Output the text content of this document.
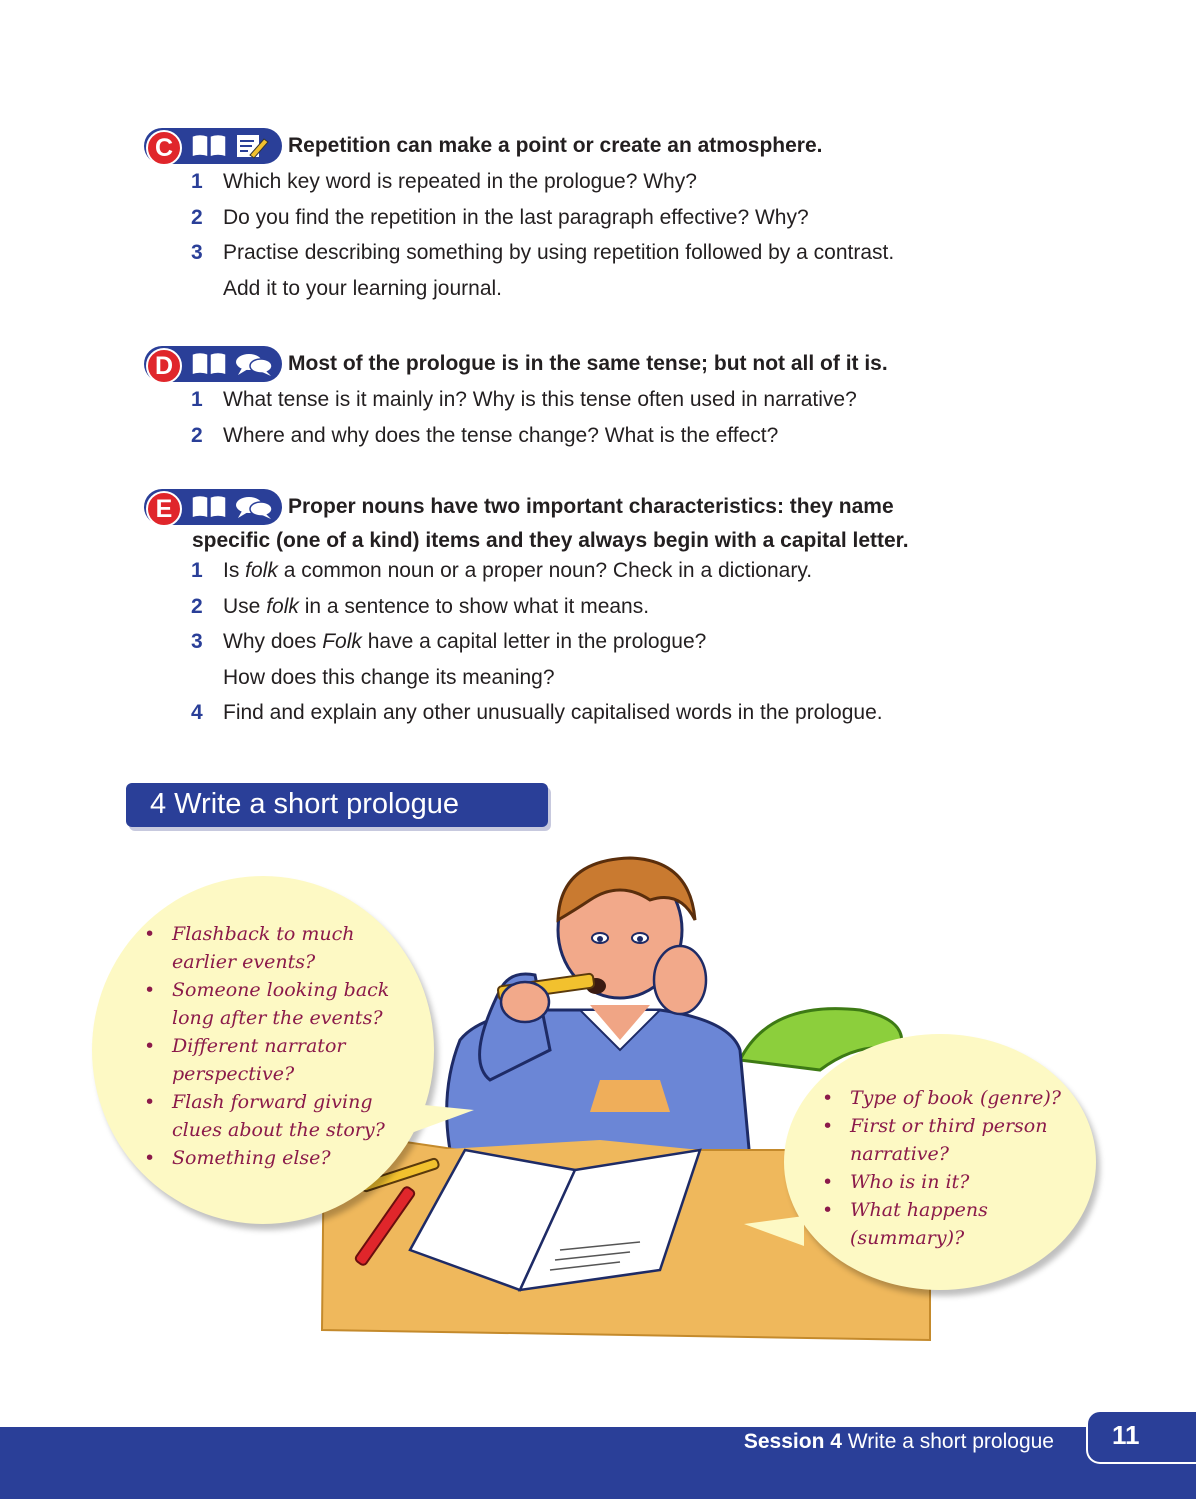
C	Repetition can make a point or create an atmosphere.
1 Which key word is repeated in the prologue? Why?
2 Do you find the repetition in the last paragraph effective? Why?
3 Practise describing something by using repetition followed by a contrast.
Add it to your learning journal.
D	Most of the prologue is in the same tense; but not all of it is.
1 What tense is it mainly in? Why is this tense often used in narrative?
2 Where and why does the tense change? What is the effect?
E	Proper nouns have two important characteristics: they name
specific (one of a kind) items and they always begin with a capital letter.
1 Is folk a common noun or a proper noun? Check in a dictionary.
2 Use folk in a sentence to show what it means.
3 Why does Folk have a capital letter in the prologue?
How does this change its meaning?
4 Find and explain any other unusually capitalised words in the prologue.
4 Write a short prologue
• Flashback to much
earlier events?
• Someone looking back
long after the events?
• Different narrator
perspective?
• Flash forward giving
clues about the story?
• Something else?
• Type of book (genre)?
• First or third person
narrative?
• Who is in it?
• What happens
(summary)?
Session 4 Write a short prologue 11
